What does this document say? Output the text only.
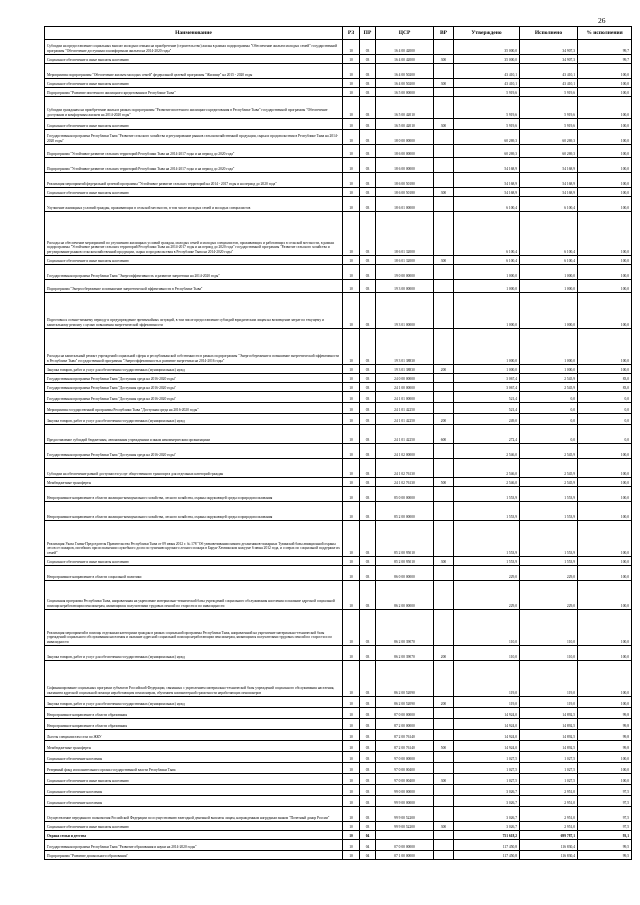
26
Наименование	РЗ	ПР	ЦСР	ВР	Утверждено	Исполнено	% исполнения
Субсидии на предоставление социальных выплат молодым семьям на приобретение (строительство) жилья в рамках подпрограммы "Обеспечение жильем молодых семей" государственной программы "Обеспечение доступным и комфортным жильем на 2014-2020 годы"	10	03	16 4 00 42000		35 000,0	34 907,3	99,7
Социальное обеспечение и иные выплаты населению	10	03	16 4 00 42000	300	35 000,0	34 907,3	99,7
Мероприятия подпрограммы "Обеспечение жильем молодых семей" федеральной целевой программы "Жилище" на 2015 - 2020 годы	10	03	16 4 00 50200		43 410,1	43 410,1	100,0
Социальное обеспечение и иные выплаты населению	10	03	16 4 00 50200	300	43 410,1	43 410,1	100,0
Подпрограмма "Развитие ипотечного жилищного кредитования в Республике Тыва"	10	03	16 5 00 00000		5 919,6	5 919,6	100,0
Субсидии гражданам на приобретение жилья в рамках подпрограммы "Развитие ипотечного жилищного кредитования в Республике Тыва" государственной программы "Обеспечение доступным и комфортным жильем на 2014-2020 годы"	10	03	16 5 00 42010		5 919,6	5 919,6	100,0
Социальное обеспечение и иные выплаты населению	10	03	16 5 00 42010	300	5 919,6	5 919,6	100,0
Государственная программа Республики Тыва "Развитие сельского хозяйства и регулирование рынков сельскохозяйственной продукции, сырья и продовольствия в Республике Тыва на 2014-2020 годы"	10	03	18 0 00 00000		60 269,3	60 269,3	100,0
Подпрограмма "Устойчивое развитие сельских территорий Республики Тыва на 2014-2017 годы и на период до 2020 года"	10	03	18 6 00 00000		60 269,3	60 269,3	100,0
Подпрограмма "Устойчивое развитие сельских территорий Республики Тыва на 2014-2017 годы и на период до 2020 года"	10	03	18 6 00 00000		54 168,9	54 168,9	100,0
Реализация мероприятий федеральной целевой программы "Устойчивое развитие сельских территорий на 2014 - 2017 годы и на период до 2020 года"	10	03	18 6 00 50180		54 168,9	54 168,9	100,0
Социальное обеспечение и иные выплаты населению	10	03	18 6 00 50180	300	54 168,9	54 168,9	100,0
Улучшение жилищных условий граждан, проживающих в сельской местности, в том числе молодых семей и молодых специалистов	10	03	18 6 01 00000		6 100,4	6 100,4	100,0
Расходы на обеспечение мероприятий по улучшению жилищных условий граждан, молодых семей и молодых специалистов, проживающих и работающих в сельской местности, в рамках подпрограммы "Устойчивое развитие сельских территорий Республики Тыва на 2014-2017 годы и на период до 2020 года" государственной программы "Развитие сельского хозяйства и регулирование рынков сельскохозяйственной продукции, сырья и продовольствия в Республике Тыва на 2014-2020 годы"	10	03	18 6 01 32000		6 100,4	6 100,4	100,0
Социальное обеспечение и иные выплаты населению	10	03	18 6 01 32000	300	6 100,4	6 100,4	100,0
Государственная программа Республики Тыва "Энергоэффективность и развитие энергетики на 2014-2020 годы"	10	03	19 0 00 00000		1 000,0	1 000,0	100,0
Подпрограмма "Энергосбережение и повышение энергетической эффективности в Республике Тыва"	10	03	19 3 00 00000		1 000,0	1 000,0	100,0
Подготовка к осенне-зимнему периоду и предупреждение чрезвычайных ситуаций, в том числе предоставление субсидий юридическим лицам на возмещение затрат по текущему и капитальному ремонту с целью повышения энергетической эффективности	10	03	19 3 01 00000		1 000,0	1 000,0	100,0
Расходы на капитальный ремонт учреждений социальной сферы и республиканской собственности в рамках подпрограммы "Энергосбережение и повышение энергетической эффективности в Республике Тыва" государственной программы "Энергоэффективность и развитие энергетики на 2014-2016 годы"	10	03	19 3 01 38830		1 000,0	1 000,0	100,0
Закупка товаров, работ и услуг для обеспечения государственных (муниципальных) нужд	10	03	19 3 01 38830	200	1 000,0	1 000,0	100,0
Государственная программа Республики Тыва "Доступная среда на 2016-2020 годы"	10	03	24 0 00 00000		3 067,4	2 545,9	83,0
Государственная программа Республики Тыва "Доступная среда на 2016-2020 годы"	10	03	24 1 00 00000		3 067,4	2 545,9	83,0
Государственная программа Республики Тыва "Доступная среда на 2016-2020 годы"	10	03	24 1 01 00000		521,4	0,0	0,0
Мероприятия государственной программы Республики Тыва "Доступная среда на 2016-2020 годы"	10	03	24 1 01 42250		521,4	0,0	0,0
Закупка товаров, работ и услуг для обеспечения государственных (муниципальных) нужд	10	03	24 1 01 42250	200	249,0	0,0	0,0
Предоставление субсидий бюджетным, автономным учреждениям и иным некоммерческим организациям	10	03	24 1 01 42250	600	272,4	0,0	0,0
Государственная программа Республики Тыва "Доступная среда на 2016-2020 годы"	10	03	24 1 02 00000		2 546,0	2 545,9	100,0
Субсидии на обеспечение равной доступности услуг общественного транспорта для отдельных категорий граждан	10	03	24 1 02 76130		2 546,0	2 545,9	100,0
Межбюджетные трансферты	10	03	24 1 02 76130	500	2 546,0	2 545,9	100,0
Непрограммное направление в области жилищно-коммунального хозяйства, лесного хозяйства, охраны окружающей среды и природопользования	10	03	85 0 00 00000		1 553,9	1 553,9	100,0
Непрограммное направление в области жилищно-коммунального хозяйства, лесного хозяйства, охраны окружающей среды и природопользования	10	03	85 2 00 00000		1 553,9	1 553,9	100,0
Реализация Указа Главы-Председателя Правительства Республики Тыва от 09 июня 2012 г. № 178 "Об увековечивании памяти десантников-пожарных Тувинской базы авиационной охраны лесов от пожаров, погибших при исполнении служебного долга по тушению крупного лесного пожара в Барун-Хемчикском кожууне 6 июня 2012 года, и о мерах по социальной поддержке их семей"	10	03	85 2 00 95010		1 553,9	1 553,9	100,0
Социальное обеспечение и иные выплаты населению	10	03	85 2 00 95010	300	1 553,9	1 553,9	100,0
Непрограммное направление в области социальной политики	10	03	86 0 00 00000		229,0	229,0	100,0
Социальная программа Республики Тыва, направленная на укрепление материально-технической базы учреждений социального обслуживания населения и оказание адресной социальной помощи неработающим пенсионерам, являющимся получателями трудовых пенсий по старости и по инвалидности	10	03	86 2 00 00000		229,0	229,0	100,0
Реализация мероприятий в помощь отдельным категориям граждан в рамках социальной программы Республики Тыва, направленной на укрепление материально-технической базы учреждений социального обслуживания населения и оказание адресной социальной помощи неработающим пенсионерам, являющимся получателями трудовых пенсий по старости и по инвалидности	10	03	86 2 00 39070		110,0	110,0	100,0
Закупка товаров, работ и услуг для обеспечения государственных (муниципальных) нужд	10	03	86 2 00 39070	200	110,0	110,0	100,0
Софинансирование социальных программ субъектов Российской Федерации, связанных с укреплением материально-технической базы учреждений социального обслуживания населения, оказанием адресной социальной помощи неработающим пенсионерам, обучением компьютерной грамотности неработающих пенсионеров	10	03	86 2 00 52090		119,0	119,0	100,0
Закупка товаров, работ и услуг для обеспечения государственных (муниципальных) нужд	10	03	86 2 00 52090	200	119,0	119,0	100,0
Непрограммное направление в области образования	10	03	87 0 00 00000		14 924,0	14 892,5	99,8
Непрограммное направление в области образования	10	03	87 2 00 00000		14 924,0	14 892,5	99,8
Льготы специалистам села по ЖКУ	10	03	87 2 00 76140		14 924,0	14 892,5	99,8
Межбюджетные трансферты	10	03	87 2 00 76140	500	14 924,0	14 892,5	99,8
Социальное обеспечение населения	10	03	97 0 00 00000		1 027,5	1 027,5	100,0
Резервный фонд исполнительного органа государственной власти Республики Тыва	10	03	97 0 00 00400		1 027,5	1 027,5	100,0
Социальное обеспечение и иные выплаты населению	10	03	97 0 00 00400	300	1 027,5	1 027,5	100,0
Социальное обеспечение населения	10	03	99 0 00 00000		3 026,7	2 951,0	97,5
Социальное обеспечение населения	10	03	99 9 00 00000		3 026,7	2 951,0	97,5
Осуществление переданного полномочия Российской Федерации по осуществлению ежегодной денежной выплаты лицам, награжденным нагрудным знаком "Почетный донор России"	10	03	99 9 00 52200		3 026,7	2 951,0	97,5
Социальное обеспечение и иные выплаты населению	10	03	99 9 00 52200	300	3 026,7	2 951,0	97,5
Охрана семьи и детства	10	04			751 618,2	699 787,1	93,1
Государственная программа Республики Тыва "Развитие образования и науки на 2014-2020 годы"	10	04	07 0 00 00000		117 450,8	116 830,4	99,5
Подпрограмма "Развитие дошкольного образования"	10	04	07 1 00 00000		117 450,8	116 830,4	99,5
